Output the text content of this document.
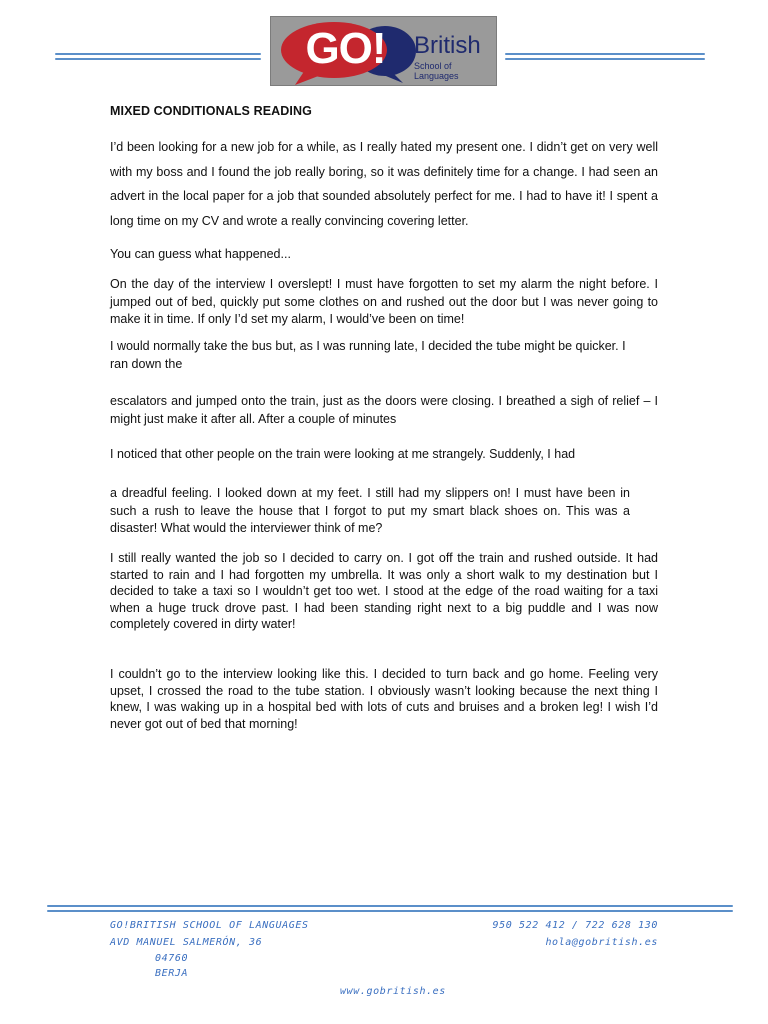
GO!	British
School of Languages
MIXED CONDITIONALS READING

I’d been looking for a new job for a while, as I really hated my present one. I didn’t get on very well with my boss and I found the job really boring, so it was definitely time for a change. I had seen an advert in the local paper for a job that sounded absolutely perfect for me. I had to have it! I spent a long time on my CV and wrote a really convincing covering letter.

You can guess what happened...

On the day of the interview I overslept! I must have forgotten to set my alarm the night before. I jumped out of bed, quickly put some clothes on and rushed out the door but I was never going to make it in time. If only I’d set my alarm, I would’ve been on time!

I would normally take the bus but, as I was running late, I decided the tube might be quicker. I ran down the

escalators and jumped onto the train, just as the doors were closing. I breathed a sigh of relief – I might just make it after all. After a couple of minutes

I noticed that other people on the train were looking at me strangely. Suddenly, I had

a dreadful feeling. I looked down at my feet. I still had my slippers on! I must have been in such a rush to leave the house that I forgot to put my smart black shoes on. This was a disaster! What would the interviewer think of me?

I still really wanted the job so I decided to carry on. I got off the train and rushed outside. It had started to rain and I had forgotten my umbrella. It was only a short walk to my destination but I decided to take a taxi so I wouldn’t get too wet. I stood at the edge of the road waiting for a taxi when a huge truck drove past. I had been standing right next to a big puddle and I was now completely covered in dirty water!

I couldn’t go to the interview looking like this. I decided to turn back and go home. Feeling very upset, I crossed the road to the tube station. I obviously wasn’t looking because the next thing I knew, I was waking up in a hospital bed with lots of cuts and bruises and a broken leg! I wish I’d never got out of bed that morning!

GO!BRITISH SCHOOL OF LANGUAGES
AVD MANUEL SALMERÓN, 36
04760
BERJA
950 522 412 / 722 628 130
hola@gobritish.es
www.gobritish.es
